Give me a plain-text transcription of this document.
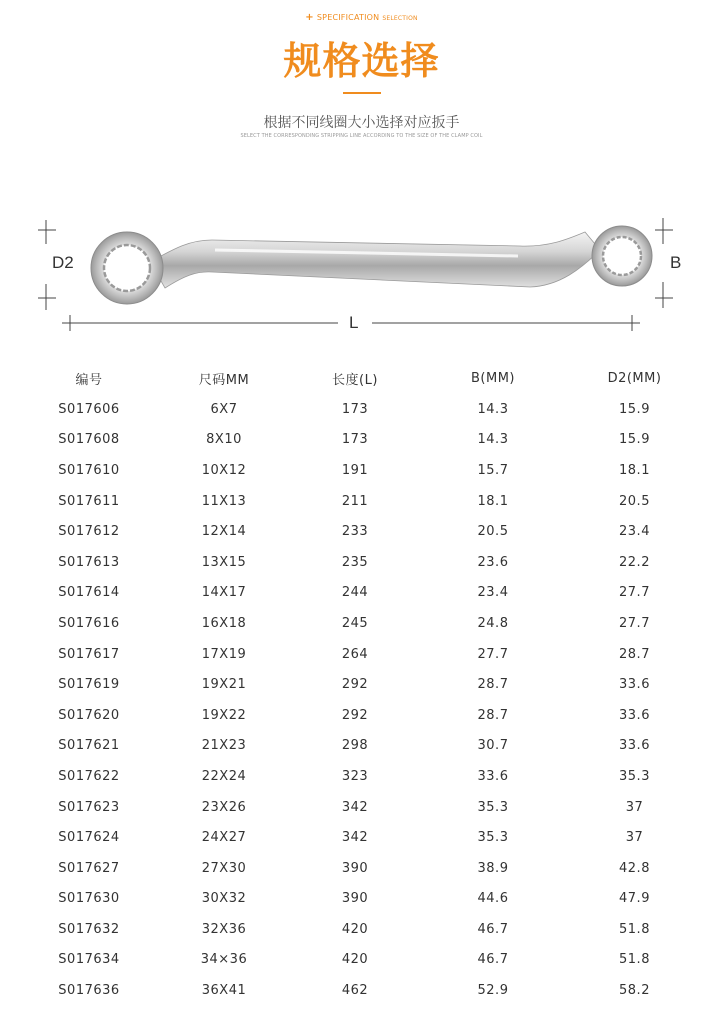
+ SPECIFICATION SELECTION
规格选择
根据不同线圈大小选择对应扳手
SELECT THE CORRESPONDING STRIPPING LINE ACCORDING TO THE SIZE OF THE CLAMP COIL
D2	B
L
编号	尺码MM	长度(L)	B(MM)	D2(MM)
S017606	6X7	173	14.3	15.9
S017608	8X10	173	14.3	15.9
S017610	10X12	191	15.7	18.1
S017611	11X13	211	18.1	20.5
S017612	12X14	233	20.5	23.4
S017613	13X15	235	23.6	22.2
S017614	14X17	244	23.4	27.7
S017616	16X18	245	24.8	27.7
S017617	17X19	264	27.7	28.7
S017619	19X21	292	28.7	33.6
S017620	19X22	292	28.7	33.6
S017621	21X23	298	30.7	33.6
S017622	22X24	323	33.6	35.3
S017623	23X26	342	35.3	37
S017624	24X27	342	35.3	37
S017627	27X30	390	38.9	42.8
S017630	30X32	390	44.6	47.9
S017632	32X36	420	46.7	51.8
S017634	34×36	420	46.7	51.8
S017636	36X41	462	52.9	58.2
